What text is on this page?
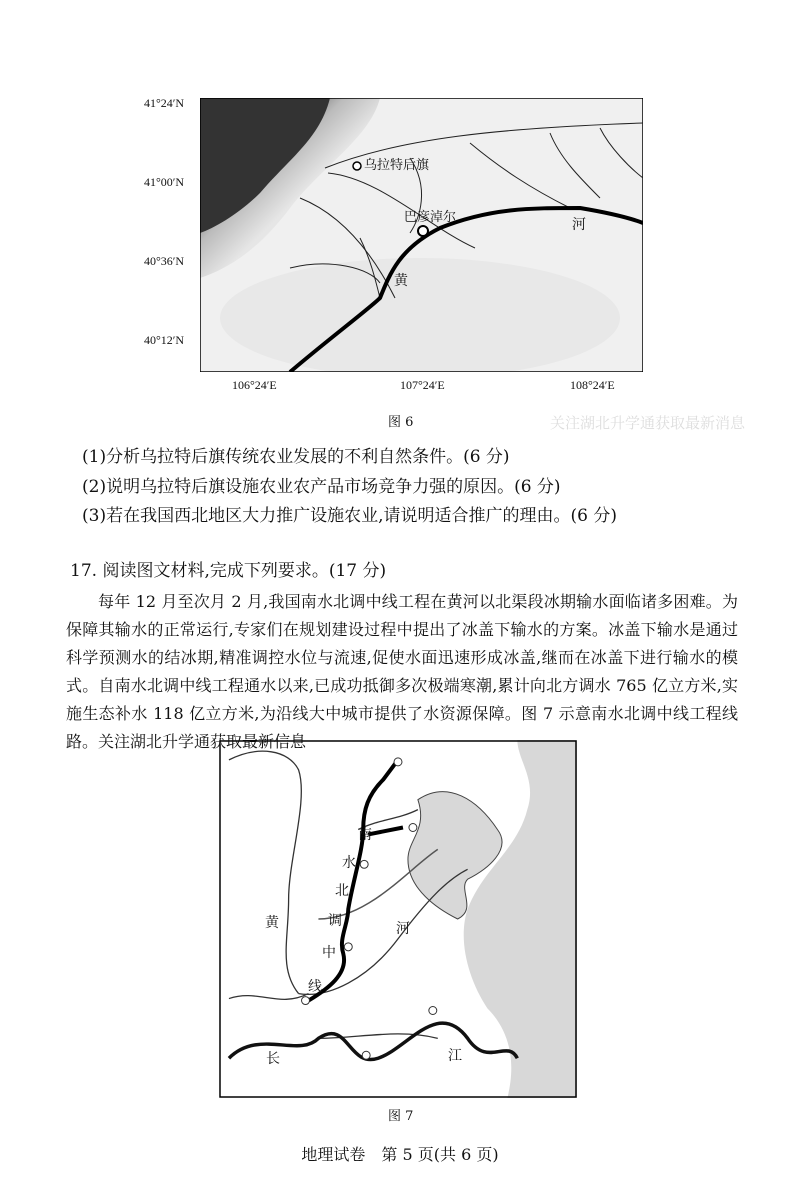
乌拉特后旗
巴彦淖尔
黄
河
41°24′N
41°00′N
40°36′N
40°12′N
106°24′E	107°24′E	108°24′E
图 6	关注湖北升学通获取最新消息
(1)分析乌拉特后旗传统农业发展的不利自然条件。(6 分)
(2)说明乌拉特后旗设施农业农产品市场竞争力强的原因。(6 分)
(3)若在我国西北地区大力推广设施农业,请说明适合推广的理由。(6 分)
17. 阅读图文材料,完成下列要求。(17 分)
每年 12 月至次月 2 月,我国南水北调中线工程在黄河以北渠段冰期输水面临诸多困难。为保障其输水的正常运行,专家们在规划建设过程中提出了冰盖下输水的方案。冰盖下输水是通过科学预测水的结冰期,精准调控水位与流速,促使水面迅速形成冰盖,继而在冰盖下进行输水的模式。自南水北调中线工程通水以来,已成功抵御多次极端寒潮,累计向北方调水 765 亿立方米,实施生态补水 118 亿立方米,为沿线大中城市提供了水资源保障。图 7 示意南水北调中线工程线路。关注湖北升学通获取最新信息
南
水
北
调
中
线
黄	河
长	江
图 7
地理试卷　第 5 页(共 6 页)
